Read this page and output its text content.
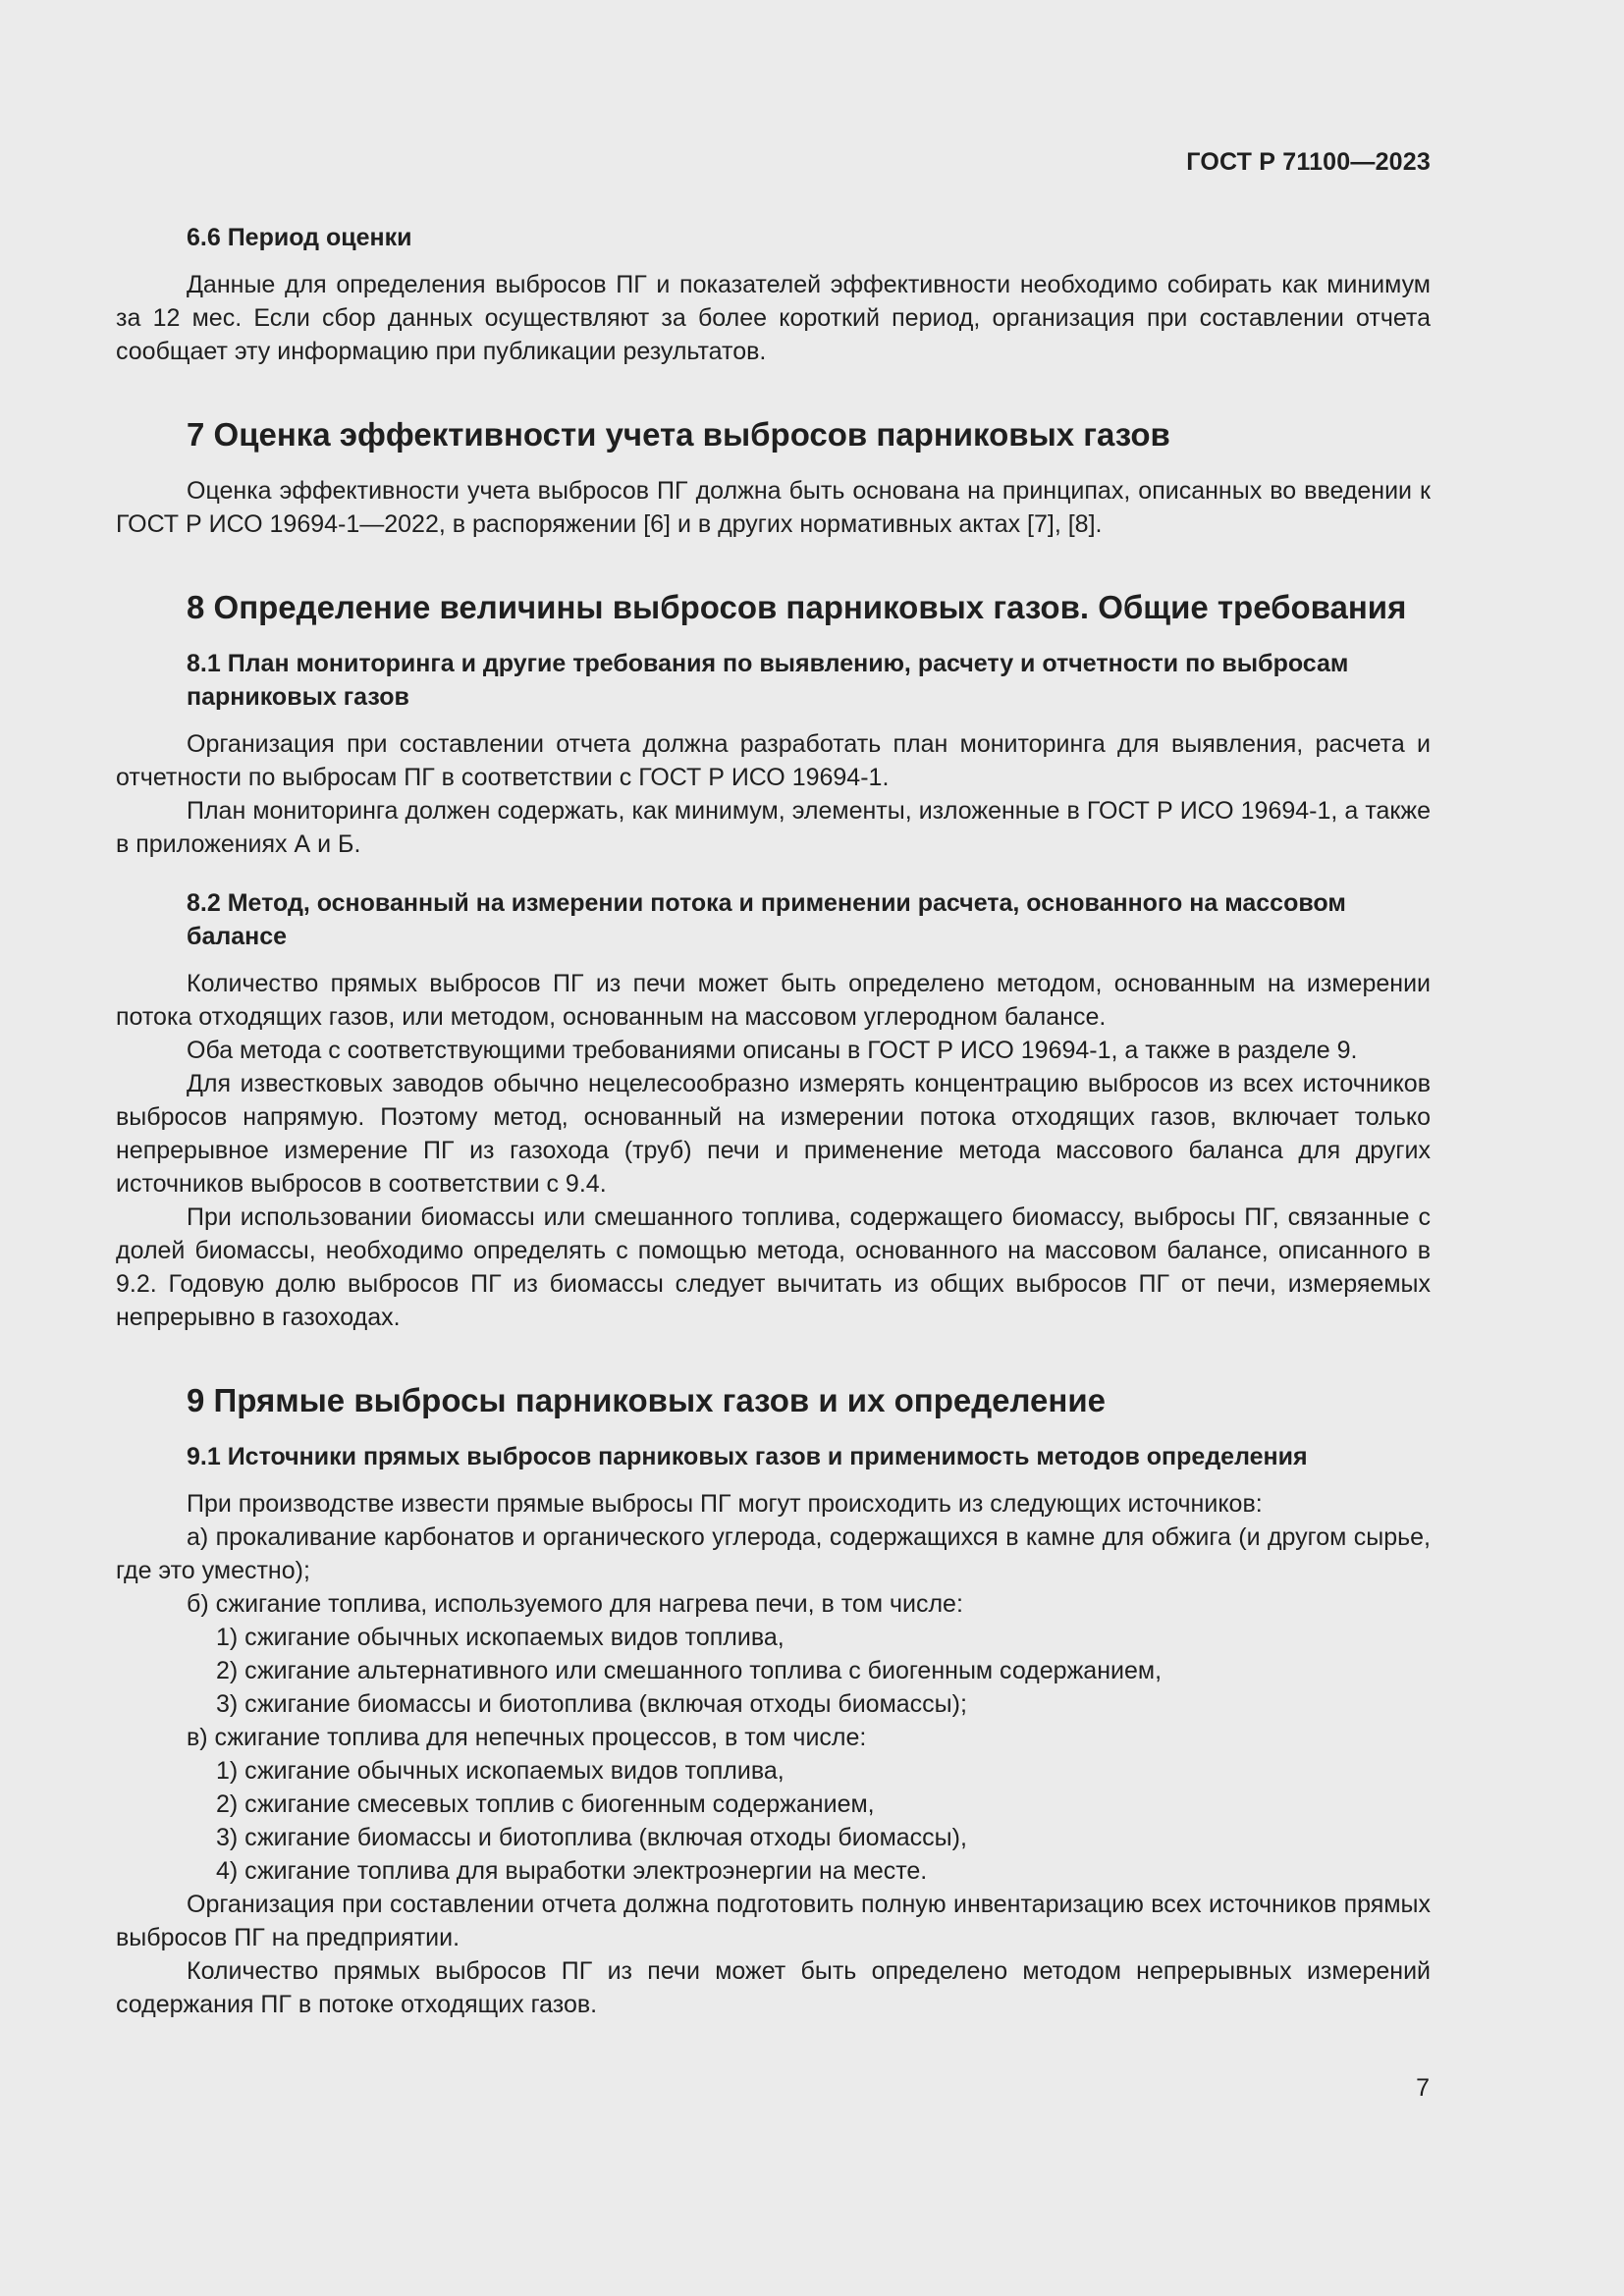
ГОСТ Р 71100—2023
6.6 Период оценки

Данные для определения выбросов ПГ и показателей эффективности необходимо собирать как минимум за 12 мес. Если сбор данных осуществляют за более короткий период, организация при составлении отчета сообщает эту информацию при публикации результатов.

7 Оценка эффективности учета выбросов парниковых газов

Оценка эффективности учета выбросов ПГ должна быть основана на принципах, описанных во введении к ГОСТ Р ИСО 19694-1—2022, в распоряжении [6] и в других нормативных актах [7], [8].

8 Определение величины выбросов парниковых газов. Общие требования
8.1 План мониторинга и другие требования по выявлению, расчету и отчетности по выбросам парниковых газов

Организация при составлении отчета должна разработать план мониторинга для выявления, расчета и отчетности по выбросам ПГ в соответствии с ГОСТ Р ИСО 19694-1.

План мониторинга должен содержать, как минимум, элементы, изложенные в ГОСТ Р ИСО 19694-1, а также в приложениях А и Б.

8.2 Метод, основанный на измерении потока и применении расчета, основанного на массовом балансе

Количество прямых выбросов ПГ из печи может быть определено методом, основанным на измерении потока отходящих газов, или методом, основанным на массовом углеродном балансе.

Оба метода с соответствующими требованиями описаны в ГОСТ Р ИСО 19694-1, а также в разделе 9.

Для известковых заводов обычно нецелесообразно измерять концентрацию выбросов из всех источников выбросов напрямую. Поэтому метод, основанный на измерении потока отходящих газов, включает только непрерывное измерение ПГ из газохода (труб) печи и применение метода массового баланса для других источников выбросов в соответствии с 9.4.

При использовании биомассы или смешанного топлива, содержащего биомассу, выбросы ПГ, связанные с долей биомассы, необходимо определять с помощью метода, основанного на массовом балансе, описанного в 9.2. Годовую долю выбросов ПГ из биомассы следует вычитать из общих выбросов ПГ от печи, измеряемых непрерывно в газоходах.

9 Прямые выбросы парниковых газов и их определение
9.1 Источники прямых выбросов парниковых газов и применимость методов определения

При производстве извести прямые выбросы ПГ могут происходить из следующих источников:

а) прокаливание карбонатов и органического углерода, содержащихся в камне для обжига (и другом сырье, где это уместно);

б) сжигание топлива, используемого для нагрева печи, в том числе:

1) сжигание обычных ископаемых видов топлива,

2) сжигание альтернативного или смешанного топлива с биогенным содержанием,

3) сжигание биомассы и биотоплива (включая отходы биомассы);

в) сжигание топлива для непечных процессов, в том числе:

1) сжигание обычных ископаемых видов топлива,

2) сжигание смесевых топлив с биогенным содержанием,

3) сжигание биомассы и биотоплива (включая отходы биомассы),

4) сжигание топлива для выработки электроэнергии на месте.

Организация при составлении отчета должна подготовить полную инвентаризацию всех источников прямых выбросов ПГ на предприятии.

Количество прямых выбросов ПГ из печи может быть определено методом непрерывных измерений содержания ПГ в потоке отходящих газов.

7
